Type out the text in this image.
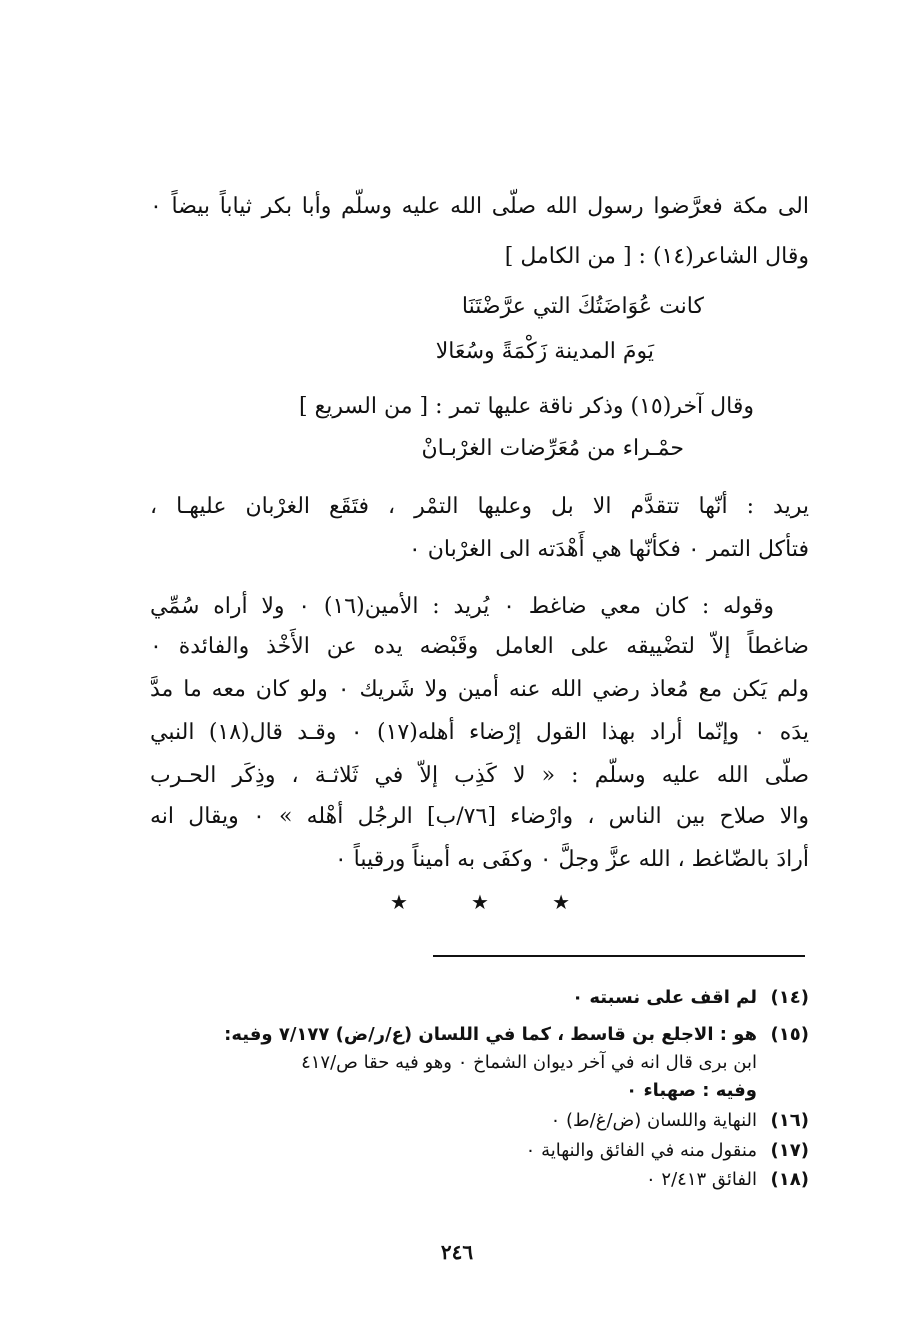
الى مكة فعرَّضوا رسول الله صلّى الله عليه وسلّم وأبا بكر ثياباً بيضاً ٠
وقال الشاعر(١٤) : [ من الكامل ]
كانت عُوَاضَتُكَ التي عرَّضْتَنَا
يَومَ المدينة زَكْمَةً وسُعَالا
وقال آخر(١٥) وذكر ناقة عليها تمر : [ من السريع ]
حمْـراء من مُعَرِّضات الغرْبـانْ
يريد : أنّها تتقدَّم الا بل وعليها التمْر ، فتَقَع الغرْبان عليهـا ،
فتأكل التمر ٠ فكأنّها هي أَهْدَته الى الغرْبان ٠
وقوله : كان معي ضاغط ٠ يُريد : الأمين(١٦) ٠ ولا أراه سُمِّي
ضاغطاً إلاّ لتضْييقه على العامل وقَبْضه يده عن الأَخْذ والفائدة ٠
ولم يَكن مع مُعاذ رضي الله عنه أمين ولا شَريك ٠ ولو كان معه ما مدَّ
يدَه ٠ وإنّما أراد بهذا القول إرْضاء أهله(١٧) ٠ وقـد قال(١٨) النبي
صلّى الله عليه وسلّم : « لا كَذِب إلاّ في ثَلاثـة ، وذِكَر الحـرب
والا صلاح بين الناس ، وارْضاء [٧٦/ب] الرجُل أهْله » ٠ ويقال انه
أرادَ بالضّاغط ، الله عزَّ وجلَّ ٠ وكفَى به أميناً ورقيباً ٠
★
★
★
(١٤)لم اقف على نسبته ٠
(١٥)هو : الاجلع بن قاسط ، كما في اللسان (ع/ر/ض) ٧/١٧٧ وفيه:
ابن برى قال انه في آخر ديوان الشماخ ٠ وهو فيه حقا ص/٤١٧
وفيه : صهباء ٠
(١٦)النهاية واللسان (ض/غ/ط) ٠
(١٧)منقول منه في الفائق والنهاية ٠
(١٨)الفائق ٢/٤١٣ ٠
٢٤٦
